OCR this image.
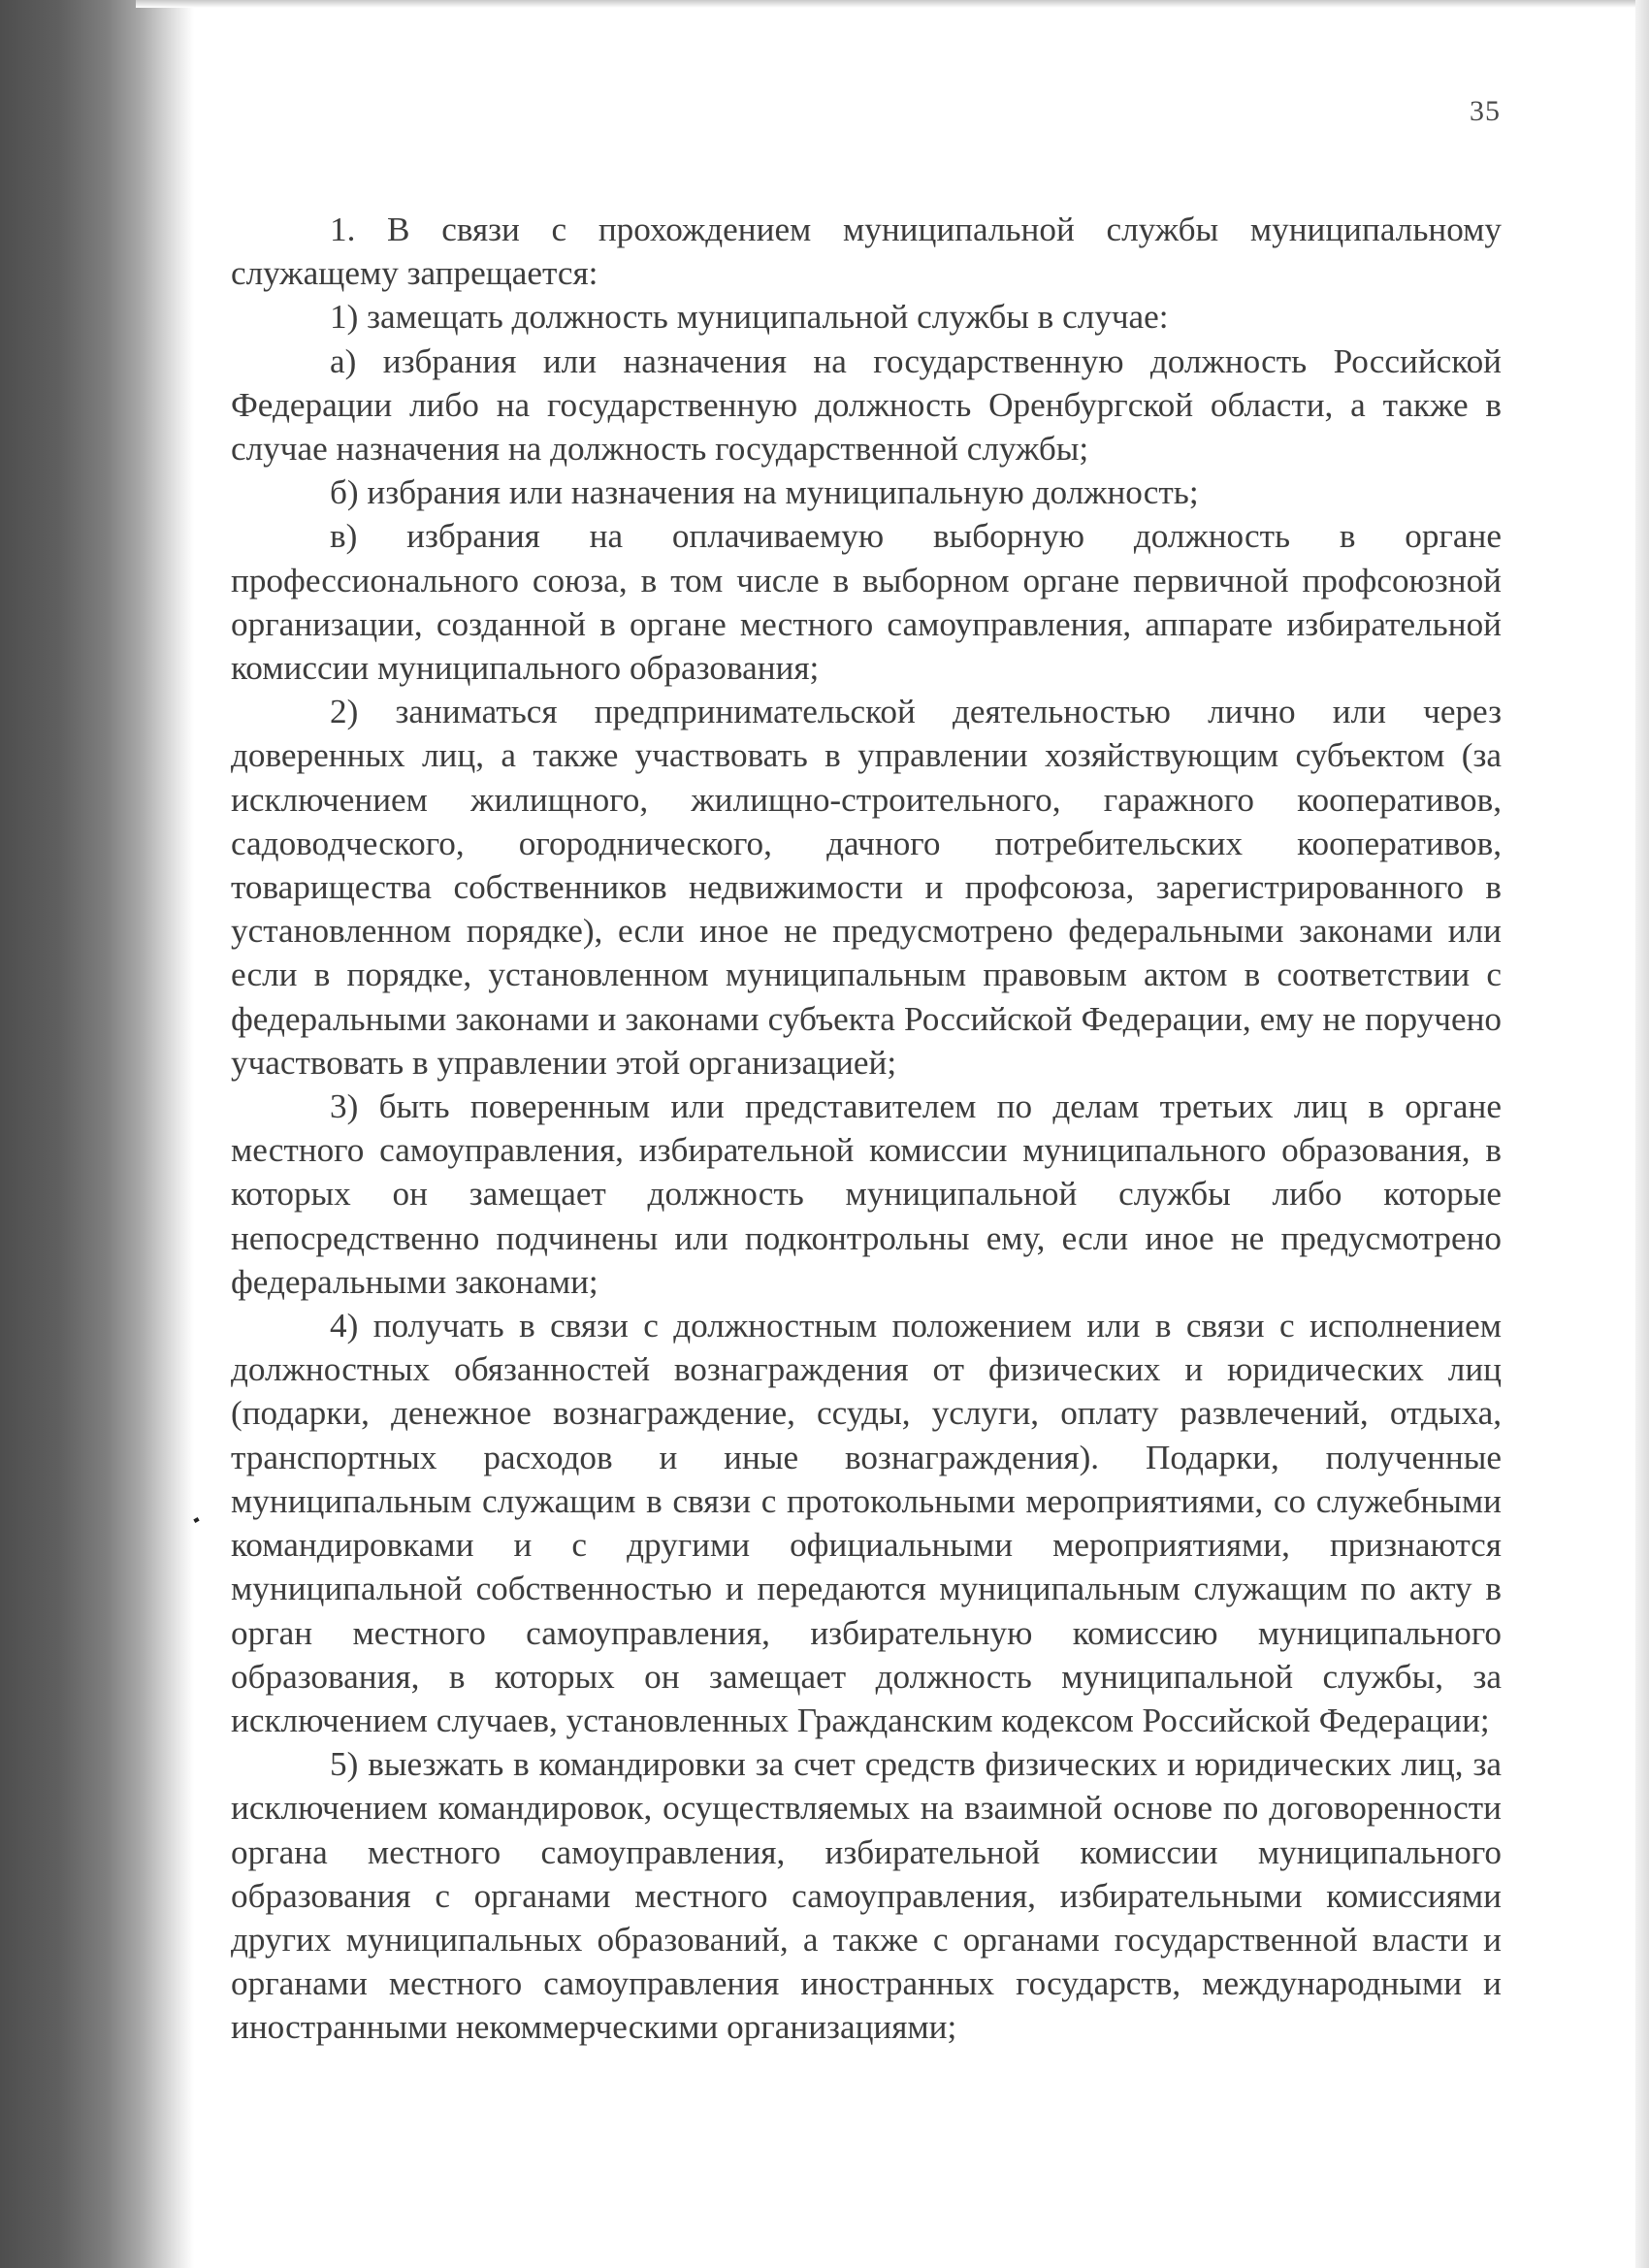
35

1. В связи с прохождением муниципальной службы муниципальному служащему запрещается:

1) замещать должность муниципальной службы в случае:

а) избрания или назначения на государственную должность Российской Федерации либо на государственную должность Оренбургской области, а также в случае назначения на должность государственной службы;

б) избрания или назначения на муниципальную должность;

в) избрания на оплачиваемую выборную должность в органе профессионального союза, в том числе в выборном органе первичной профсоюзной организации, созданной в органе местного самоуправления, аппарате избирательной комиссии муниципального образования;

2) заниматься предпринимательской деятельностью лично или через доверенных лиц, а также участвовать в управлении хозяйствующим субъектом (за исключением жилищного, жилищно-строительного, гаражного кооперативов, садоводческого, огороднического, дачного потребительских кооперативов, товарищества собственников недвижимости и профсоюза, зарегистрированного в установленном порядке), если иное не предусмотрено федеральными законами или если в порядке, установленном муниципальным правовым актом в соответствии с федеральными законами и законами субъекта Российской Федерации, ему не поручено участвовать в управлении этой организацией;

3) быть поверенным или представителем по делам третьих лиц в органе местного самоуправления, избирательной комиссии муниципального образования, в которых он замещает должность муниципальной службы либо которые непосредственно подчинены или подконтрольны ему, если иное не предусмотрено федеральными законами;

4) получать в связи с должностным положением или в связи с исполнением должностных обязанностей вознаграждения от физических и юридических лиц (подарки, денежное вознаграждение, ссуды, услуги, оплату развлечений, отдыха, транспортных расходов и иные вознаграждения). Подарки, полученные муниципальным служащим в связи с протокольными мероприятиями, со служебными командировками и с другими официальными мероприятиями, признаются муниципальной собственностью и передаются муниципальным служащим по акту в орган местного самоуправления, избирательную комиссию муниципального образования, в которых он замещает должность муниципальной службы, за исключением случаев, установленных Гражданским кодексом Российской Федерации;

5) выезжать в командировки за счет средств физических и юридических лиц, за исключением командировок, осуществляемых на взаимной основе по договоренности органа местного самоуправления, избирательной комиссии муниципального образования с органами местного самоуправления, избирательными комиссиями других муниципальных образований, а также с органами государственной власти и органами местного самоуправления иностранных государств, международными и иностранными некоммерческими организациями;
